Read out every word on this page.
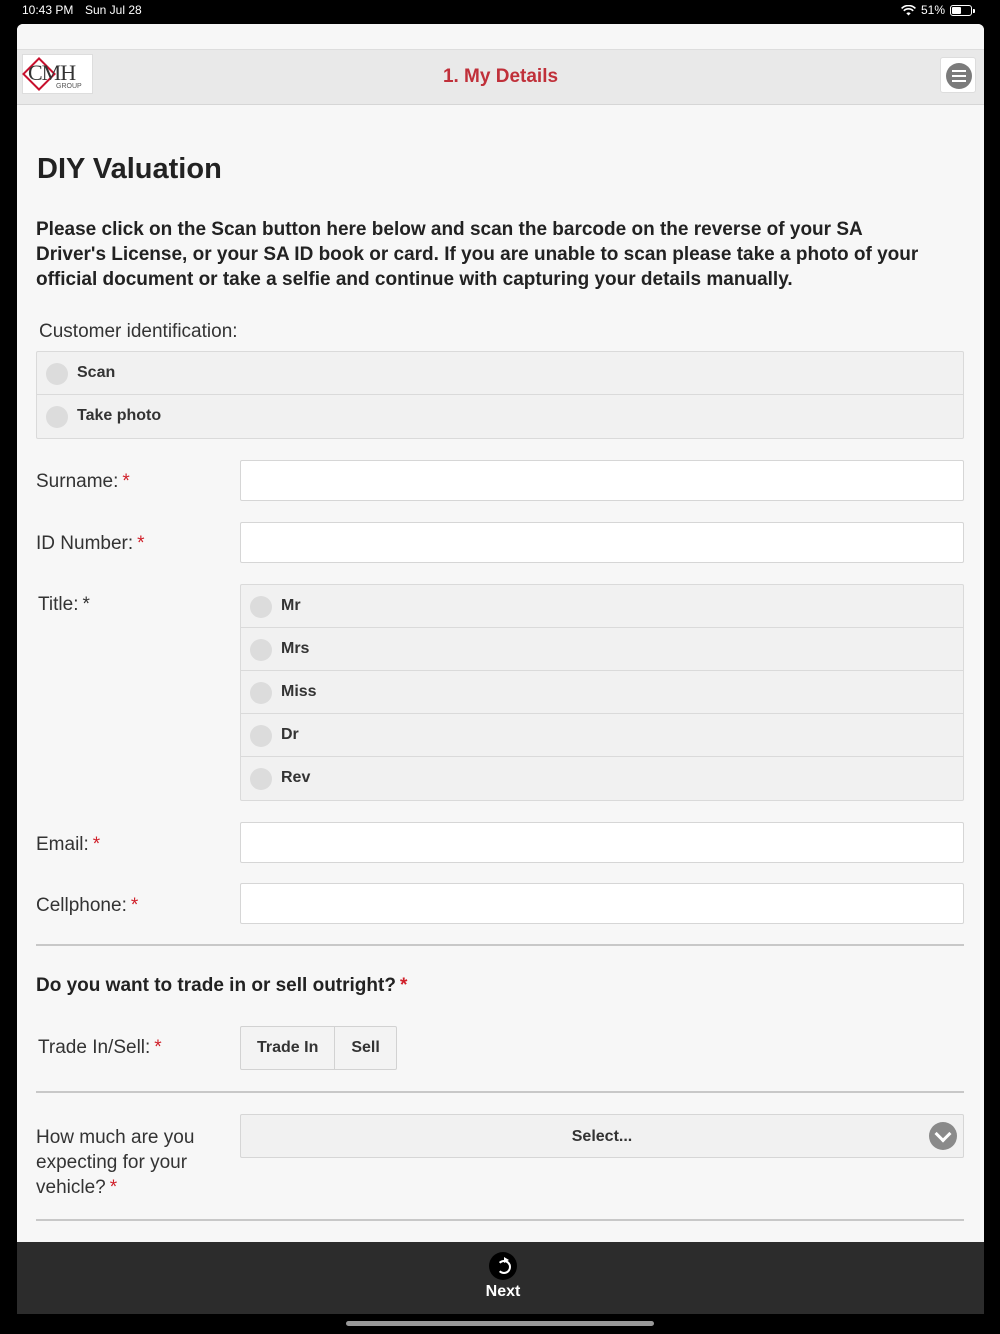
10:43 PM Sun Jul 28	51%
CMH
GROUP	1. My Details
DIY Valuation

Please click on the Scan button here below and scan the barcode on the reverse of your SA Driver's License, or your SA ID book or card. If you are unable to scan please take a photo of your official document or take a selfie and continue with capturing your details manually.

Customer identification:
Scan
Take photo
Surname: *
ID Number: *
Title: *	Mr
Mrs
Miss
Dr
Rev
Email: *
Cellphone: *
Do you want to trade in or sell outright? *
Trade In/Sell: *	Trade In	Sell
How much are you
expecting for your
vehicle? *
Select...
Next
